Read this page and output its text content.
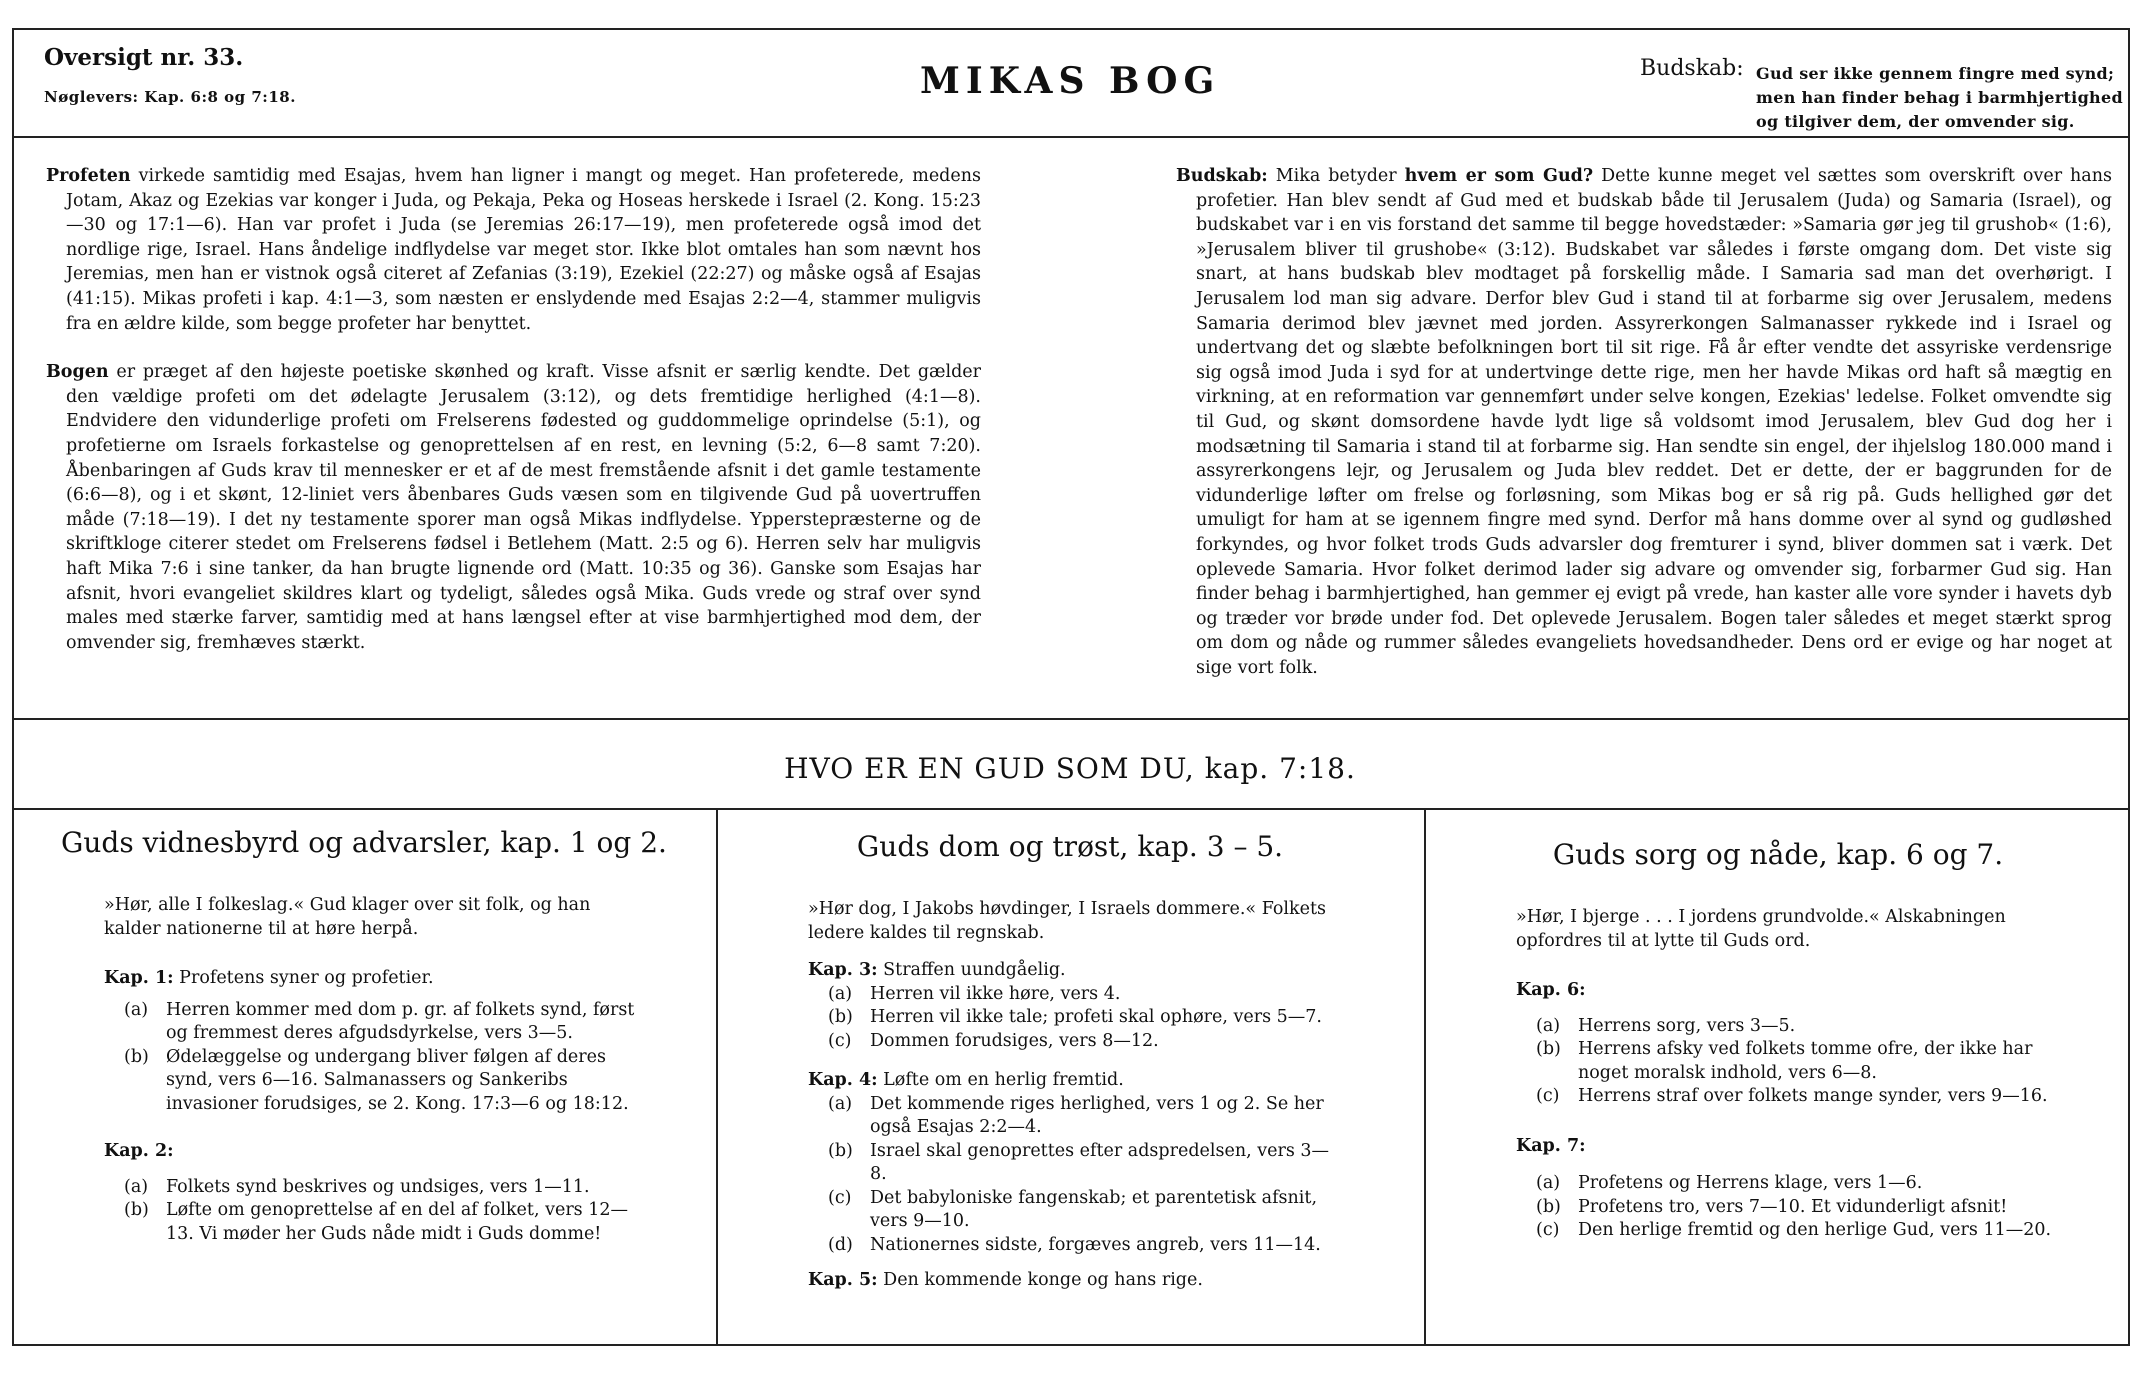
Oversigt nr. 33.
Nøglevers: Kap. 6:8 og 7:18.	MIKAS BOG	Budskab: Gud ser ikke gennem fingre med synd;
men han finder behag i barmhjertighed
og tilgiver dem, der omvender sig.

Profeten virkede samtidig med Esajas, hvem han ligner i mangt og meget. Han profeterede, medens Jotam, Akaz og Ezekias var konger i Juda, og Pekaja, Peka og Hoseas herskede i Israel (2. Kong. 15:23—30 og 17:1—6). Han var profet i Juda (se Jeremias 26:17—19), men profeterede også imod det nordlige rige, Israel. Hans åndelige indflydelse var meget stor. Ikke blot omtales han som nævnt hos Jeremias, men han er vistnok også citeret af Zefanias (3:19), Ezekiel (22:27) og måske også af Esajas (41:15). Mikas profeti i kap. 4:1—3, som næsten er enslydende med Esajas 2:2—4, stammer muligvis fra en ældre kilde, som begge profeter har benyttet.

Bogen er præget af den højeste poetiske skønhed og kraft. Visse afsnit er særlig kendte. Det gælder den vældige profeti om det ødelagte Jerusalem (3:12), og dets fremtidige herlighed (4:1—8). Endvidere den vidunderlige profeti om Frelserens fødested og guddommelige oprindelse (5:1), og profetierne om Israels forkastelse og genoprettelsen af en rest, en levning (5:2, 6—8 samt 7:20). Åbenbaringen af Guds krav til mennesker er et af de mest fremstående afsnit i det gamle testamente (6:6—8), og i et skønt, 12-liniet vers åbenbares Guds væsen som en tilgivende Gud på uovertruffen måde (7:18—19). I det ny testamente sporer man også Mikas indflydelse. Ypperstepræsterne og de skriftkloge citerer stedet om Frelserens fødsel i Betlehem (Matt. 2:5 og 6). Herren selv har muligvis haft Mika 7:6 i sine tanker, da han brugte lignende ord (Matt. 10:35 og 36). Ganske som Esajas har afsnit, hvori evangeliet skildres klart og tydeligt, således også Mika. Guds vrede og straf over synd males med stærke farver, samtidig med at hans længsel efter at vise barmhjertighed mod dem, der omvender sig, fremhæves stærkt.

Budskab: Mika betyder hvem er som Gud? Dette kunne meget vel sættes som overskrift over hans profetier. Han blev sendt af Gud med et budskab både til Jerusalem (Juda) og Samaria (Israel), og budskabet var i en vis forstand det samme til begge hovedstæder: »Samaria gør jeg til grushob« (1:6), »Jerusalem bliver til grushobe« (3:12). Budskabet var således i første omgang dom. Det viste sig snart, at hans budskab blev modtaget på forskellig måde. I Samaria sad man det overhørigt. I Jerusalem lod man sig advare. Derfor blev Gud i stand til at forbarme sig over Jerusalem, medens Samaria derimod blev jævnet med jorden. Assyrerkongen Salmanasser rykkede ind i Israel og undertvang det og slæbte befolkningen bort til sit rige. Få år efter vendte det assyriske verdensrige sig også imod Juda i syd for at undertvinge dette rige, men her havde Mikas ord haft så mægtig en virkning, at en reformation var gennemført under selve kongen, Ezekias' ledelse. Folket omvendte sig til Gud, og skønt domsordene havde lydt lige så voldsomt imod Jerusalem, blev Gud dog her i modsætning til Samaria i stand til at forbarme sig. Han sendte sin engel, der ihjelslog 180.000 mand i assyrerkongens lejr, og Jerusalem og Juda blev reddet. Det er dette, der er baggrunden for de vidunderlige løfter om frelse og forløsning, som Mikas bog er så rig på. Guds hellighed gør det umuligt for ham at se igennem fingre med synd. Derfor må hans domme over al synd og gudløshed forkyndes, og hvor folket trods Guds advarsler dog fremturer i synd, bliver dommen sat i værk. Det oplevede Samaria. Hvor folket derimod lader sig advare og omvender sig, forbarmer Gud sig. Han finder behag i barmhjertighed, han gemmer ej evigt på vrede, han kaster alle vore synder i havets dyb og træder vor brøde under fod. Det oplevede Jerusalem. Bogen taler således et meget stærkt sprog om dom og nåde og rummer således evangeliets hovedsandheder. Dens ord er evige og har noget at sige vort folk.

HVO ER EN GUD SOM DU, kap. 7:18.
Guds vidnesbyrd og advarsler, kap. 1 og 2.

»Hør, alle I folkeslag.« Gud klager over sit folk, og han kalder nationerne til at høre herpå.

Kap. 1: Profetens syner og profetier.

(a)	Herren kommer med dom p. gr. af folkets synd, først og fremmest deres afgudsdyrkelse, vers 3—5.
(b) Ødelæggelse og undergang bliver følgen af deres synd, vers 6—16. Salmanassers og Sankeribs invasioner forudsiges, se 2. Kong. 17:3—6 og 18:12.

Kap. 2:

(a)	Folkets synd beskrives og undsiges, vers 1—11.
(b) Løfte om genoprettelse af en del af folket, vers 12—13. Vi møder her Guds nåde midt i Guds domme!
Guds dom og trøst, kap. 3 – 5.

»Hør dog, I Jakobs høvdinger, I Israels dommere.« Folkets ledere kaldes til regnskab.

Kap. 3: Straffen uundgåelig.

(a)	Herren vil ikke høre, vers 4.
(b) Herren vil ikke tale; profeti skal ophøre, vers 5—7.
(c)	Dommen forudsiges, vers 8—12.

Kap. 4: Løfte om en herlig fremtid.

(a)	Det kommende riges herlighed, vers 1 og 2. Se her også Esajas 2:2—4.
(b) Israel skal genoprettes efter adspredelsen, vers 3—8.
(c)	Det babyloniske fangenskab; et parentetisk afsnit, vers 9—10.
(d) Nationernes sidste, forgæves angreb, vers 11—14.

Kap. 5: Den kommende konge og hans rige.

Guds sorg og nåde, kap. 6 og 7.

»Hør, I bjerge . . . I jordens grundvolde.« Alskabningen opfordres til at lytte til Guds ord.

Kap. 6:

(a)	Herrens sorg, vers 3—5.
(b) Herrens afsky ved folkets tomme ofre, der ikke har noget moralsk indhold, vers 6—8.
(c)	Herrens straf over folkets mange synder, vers 9—16.

Kap. 7:

(a)	Profetens og Herrens klage, vers 1—6.
(b) Profetens tro, vers 7—10. Et vidunderligt afsnit!
(c)	Den herlige fremtid og den herlige Gud, vers 11—20.
